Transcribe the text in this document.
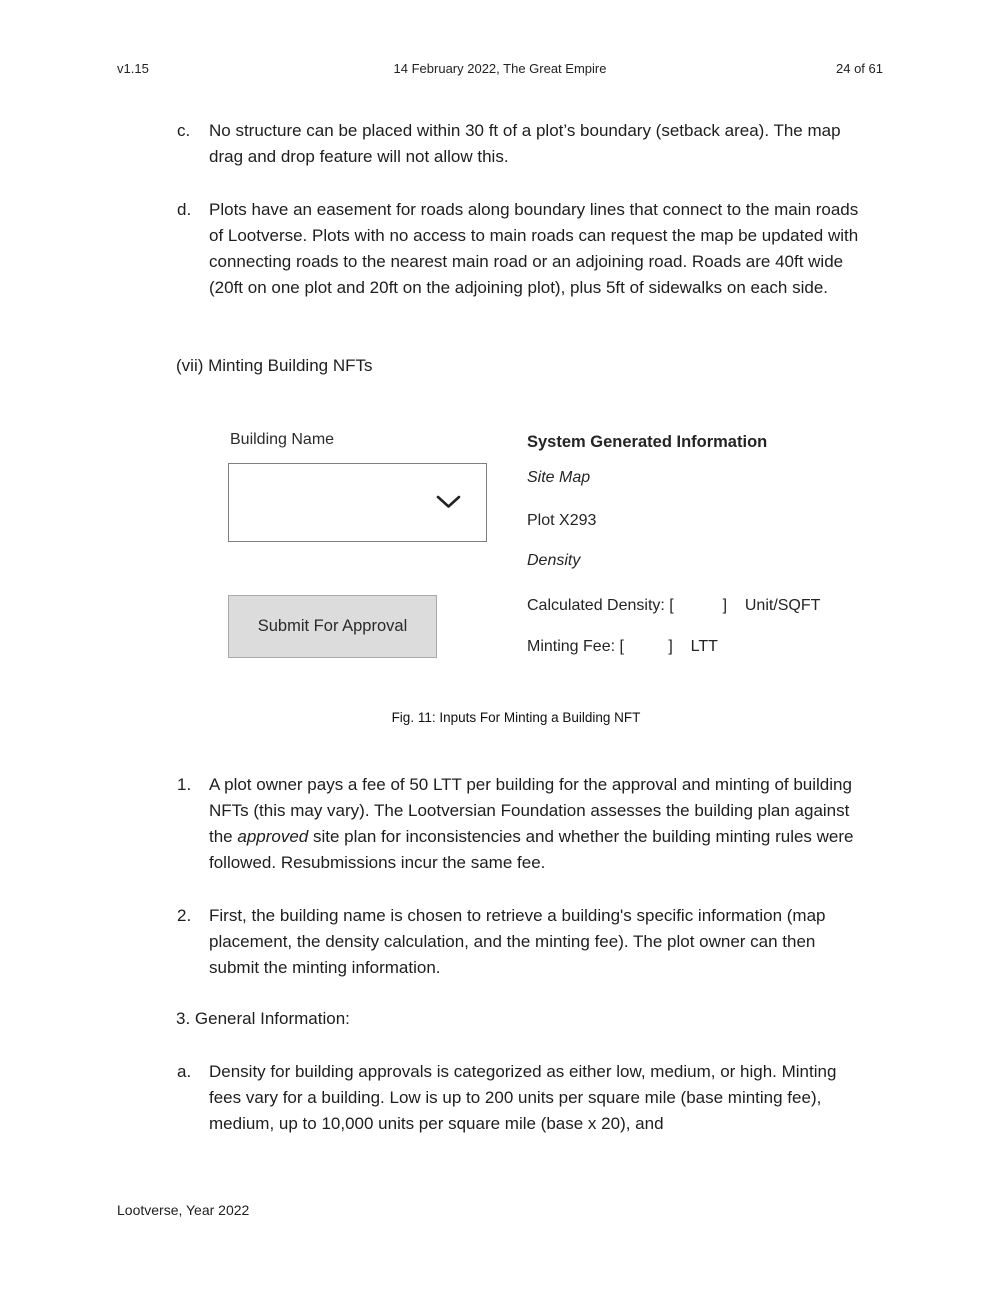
v1.15	14 February 2022, The Great Empire	24 of 61
c.	No structure can be placed within 30 ft of a plot’s boundary (setback area). The map drag and drop feature will not allow this.
d.	Plots have an easement for roads along boundary lines that connect to the main roads of Lootverse. Plots with no access to main roads can request the map be updated with connecting roads to the nearest main road or an adjoining road. Roads are 40ft wide (20ft on one plot and 20ft on the adjoining plot), plus 5ft of sidewalks on each side.
(vii) Minting Building NFTs
Building Name
Submit For Approval
System Generated Information
Site Map
Plot X293
Density
Calculated Density: [           ]    Unit/SQFT
Minting Fee: [          ]    LTT
Fig. 11: Inputs For Minting a Building NFT
1.	A plot owner pays a fee of 50 LTT per building for the approval and minting of building NFTs (this may vary). The Lootversian Foundation assesses the building plan against the approved site plan for inconsistencies and whether the building minting rules were followed. Resubmissions incur the same fee.
2.	First, the building name is chosen to retrieve a building's specific information (map placement, the density calculation, and the minting fee). The plot owner can then submit the minting information.
3. General Information:
a.	Density for building approvals is categorized as either low, medium, or high. Minting fees vary for a building. Low is up to 200 units per square mile (base minting fee), medium, up to 10,000 units per square mile (base x 20), and
Lootverse, Year 2022
